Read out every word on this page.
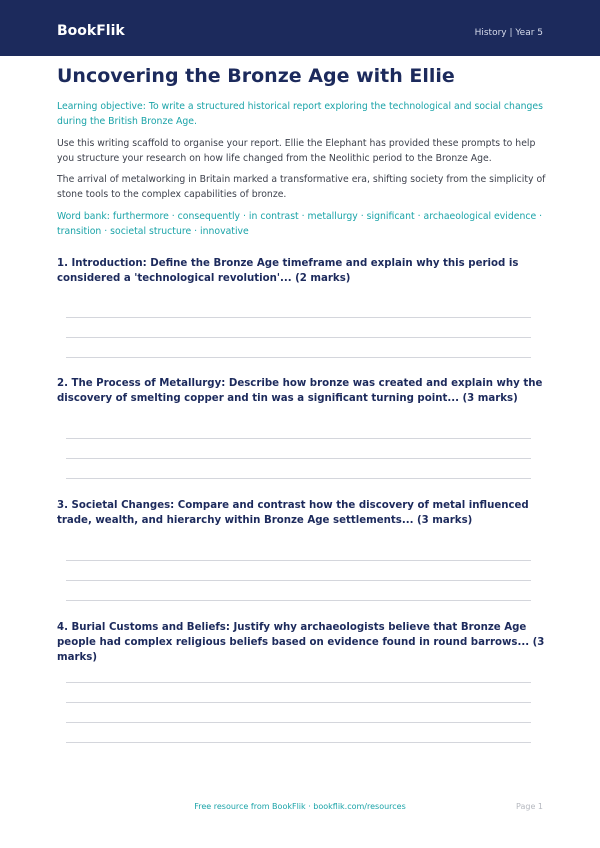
BookFlik	History | Year 5
Uncovering the Bronze Age with Ellie

Learning objective: To write a structured historical report exploring the technological and social changes during the British Bronze Age.

Use this writing scaffold to organise your report. Ellie the Elephant has provided these prompts to help you structure your research on how life changed from the Neolithic period to the Bronze Age.

The arrival of metalworking in Britain marked a transformative era, shifting society from the simplicity of stone tools to the complex capabilities of bronze.

Word bank: furthermore · consequently · in contrast · metallurgy · significant · archaeological evidence · transition · societal structure · innovative

1. Introduction: Define the Bronze Age timeframe and explain why this period is considered a 'technological revolution'... (2 marks)
2. The Process of Metallurgy: Describe how bronze was created and explain why the discovery of smelting copper and tin was a significant turning point... (3 marks)
3. Societal Changes: Compare and contrast how the discovery of metal influenced trade, wealth, and hierarchy within Bronze Age settlements... (3 marks)
4. Burial Customs and Beliefs: Justify why archaeologists believe that Bronze Age people had complex religious beliefs based on evidence found in round barrows... (3 marks)
Free resource from BookFlik · bookflik.com/resources	Page 1
